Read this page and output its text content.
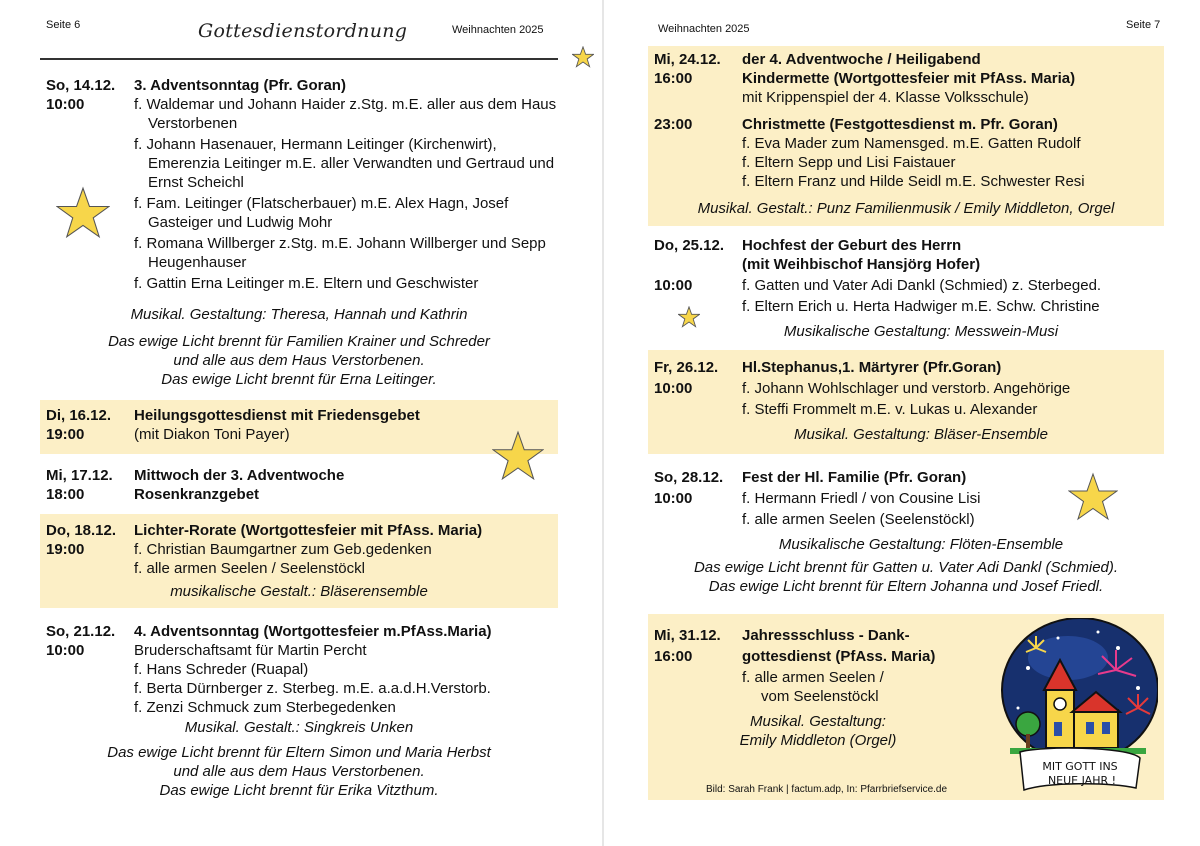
Seite 6	Gottesdienstordnung	Weihnachten 2025
So, 14.12. 3. Adventsonntag (Pfr. Goran)
10:00	f. Waldemar und Johann Haider z.Stg. m.E. aller aus dem Haus Verstorbenen
f. Johann Hasenauer, Hermann Leitinger (Kirchenwirt), Emerenzia Leitinger m.E. aller Verwandten und Gertraud und Ernst Scheichl
f. Fam. Leitinger (Flatscherbauer) m.E. Alex Hagn, Josef Gasteiger und Ludwig Mohr
f. Romana Willberger z.Stg. m.E. Johann Willberger und Sepp Heugenhauser
f. Gattin Erna Leitinger m.E. Eltern und Geschwister
Musikal. Gestaltung: Theresa, Hannah und Kathrin
Das ewige Licht brennt für Familien Krainer und Schreder
und alle aus dem Haus Verstorbenen.
Das ewige Licht brennt für Erna Leitinger.
Di, 16.12. Heilungsgottesdienst mit Friedensgebet
19:00	(mit Diakon Toni Payer)
Mi, 17.12. Mittwoch der 3. Adventwoche
18:00	Rosenkranzgebet
Do, 18.12. Lichter-Rorate (Wortgottesfeier mit PfAss. Maria)
19:00	f. Christian Baumgartner zum Geb.gedenken
f. alle armen Seelen / Seelenstöckl
musikalische Gestalt.: Bläserensemble
So, 21.12. 4. Adventsonntag (Wortgottesfeier m.PfAss.Maria)
10:00	Bruderschaftsamt für Martin Percht
f. Hans Schreder (Ruapal)
f. Berta Dürnberger z. Sterbeg. m.E. a.a.d.H.Verstorb.
f. Zenzi Schmuck zum Sterbegedenken
Musikal. Gestalt.: Singkreis Unken
Das ewige Licht brennt für Eltern Simon und Maria Herbst
und alle aus dem Haus Verstorbenen.
Das ewige Licht brennt für Erika Vitzthum.
Weihnachten 2025	Seite 7
Mi, 24.12. der 4. Adventwoche / Heiligabend
16:00	Kindermette (Wortgottesfeier mit PfAss. Maria)
mit Krippenspiel der 4. Klasse Volksschule)
23:00	Christmette (Festgottesdienst m. Pfr. Goran)
f. Eva Mader zum Namensged. m.E. Gatten Rudolf
f. Eltern Sepp und Lisi Faistauer
f. Eltern Franz und Hilde Seidl m.E. Schwester Resi
Musikal. Gestalt.: Punz Familienmusik / Emily Middleton, Orgel
Do, 25.12. Hochfest der Geburt des Herrn
(mit Weihbischof Hansjörg Hofer)
10:00	f. Gatten und Vater Adi Dankl (Schmied) z. Sterbeged.
f. Eltern Erich u. Herta Hadwiger m.E. Schw. Christine
Musikalische Gestaltung: Messwein-Musi
Fr, 26.12. Hl.Stephanus,1. Märtyrer (Pfr.Goran)
10:00	f. Johann Wohlschlager und verstorb. Angehörige
f. Steffi Frommelt m.E. v. Lukas u. Alexander
Musikal. Gestaltung: Bläser-Ensemble
So, 28.12. Fest der Hl. Familie (Pfr. Goran)
10:00	f. Hermann Friedl / von Cousine Lisi
f. alle armen Seelen (Seelenstöckl)
Musikalische Gestaltung: Flöten-Ensemble
Das ewige Licht brennt für Gatten u. Vater Adi Dankl (Schmied).
Das ewige Licht brennt für Eltern Johanna und Josef Friedl.
Mi, 31.12. Jahressschluss - Dank-
16:00	gottesdienst (PfAss. Maria)
f. alle armen Seelen /
vom Seelenstöckl
Musikal. Gestaltung:
Emily Middleton (Orgel)
Bild: Sarah Frank | factum.adp, In: Pfarrbriefservice.de
MIT GOTT INS
NEUE JAHR !
